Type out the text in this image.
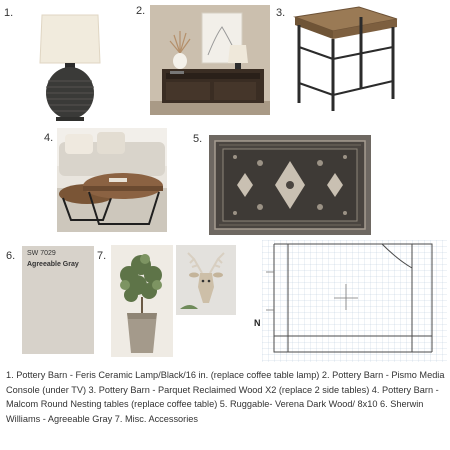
1.	2.	3.
4.	5.
6.	7.
SW 7029
Agreeable Gray
N
1. Pottery Barn - Feris Ceramic Lamp/Black/16 in. (replace coffee table lamp) 2. Pottery Barn - Pismo Media Console (under TV) 3. Pottery Barn - Parquet Reclaimed Wood X2 (replace 2 side tables) 4. Pottery Barn - Malcom Round Nesting tables (replace coffee table) 5. Ruggable- Verena Dark Wood/ 8x10 6. Sherwin Williams - Agreeable Gray 7. Misc. Accessories
